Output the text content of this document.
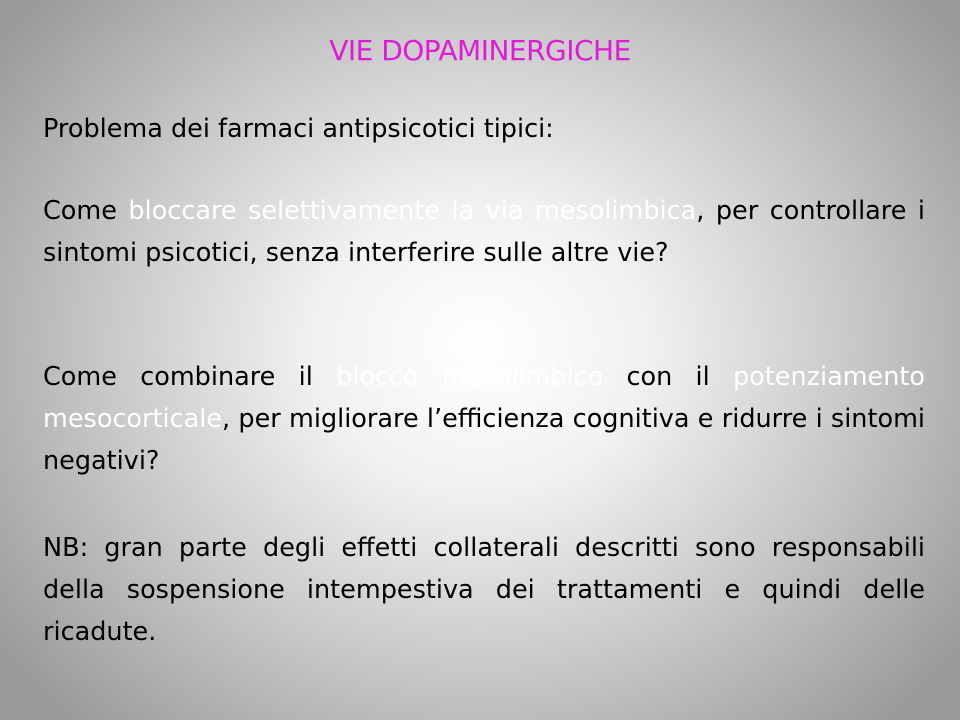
VIE DOPAMINERGICHE
Problema dei farmaci antipsicotici tipici:
Come bloccare selettivamente la via mesolimbica, per controllare i sintomi psicotici, senza interferire sulle altre vie?
Come combinare il blocco mesolimbico con il potenziamento mesocorticale, per migliorare l’efficienza cognitiva e ridurre i sintomi negativi?
NB: gran parte degli effetti collaterali descritti sono responsabili della sospensione intempestiva dei trattamenti e quindi delle ricadute.
